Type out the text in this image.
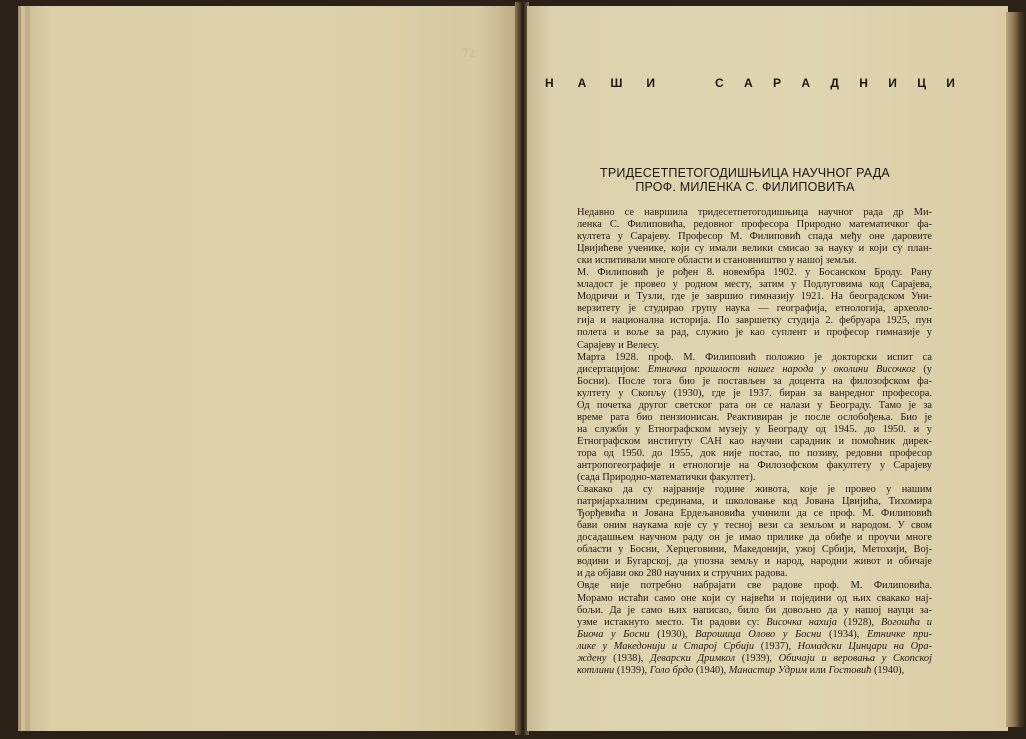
72
Н А Ш И	С А Р А Д Н И Ц И
ТРИДЕСЕТПЕТОГОДИШЊИЦА НАУЧНОГ РАДА
ПРОФ. МИЛЕНКА С. ФИЛИПОВИЋА

Недавно се навршила тридесетпетогодишњица научног рада др Ми-
ленка С. Филиповића, редовног професора Природно математичког фа-
култета у Сарајеву. Професор М. Филиповић спада међу оне даровите
Цвијићеве ученике, који су имали велики смисао за науку и који су план-
ски испитивали многе области и становништво у нашој земљи.

М. Филиповић је рођен 8. новембра 1902. у Босанском Броду. Рану
младост је провео у родном месту, затим у Подлуговима код Сарајева,
Модричи и Тузли, где је завршио гимназију 1921. На београдском Уни-
верзитету је студирао групу наука — географија, етнологија, археоло-
гија и национална историја. По завршетку студија 2. фебруара 1925, пун
полета и воље за рад, служио је као суплент и професор гимназије у
Сарајеву и Велесу.

Марта 1928. проф. М. Филиповић положио је докторски испит са
дисертацијом: Етничка прошлост нашег народа у околини Височког (у
Босни). После тога био је постављен за доцента на филозофском фа-
култету у Скопљу (1930), где је 1937. биран за ванредног професора.
Од почетка другог светског рата он се налази у Београду. Тамо је за
време рата био пензионисан. Реактивиран је после ослобођења. Био је
на служби у Етнографском музеју у Београду од 1945. до 1950. и у
Етнографском институту САН као научни сарадник и помоћник дирек-
тора од 1950. до 1955, док није постао, по позиву, редовни професор
антропогеографије и етнологије на Филозофском факултету у Сарајеву
(сада Природно-математички факултет).

Свакако да су најраније године живота, које је провео у нашим
патријархалним срединама, и школовање код Јована Цвијића, Тихомира
Ђорђевића и Јована Ердељановића учинили да се проф. М. Филиповић
бави оним наукама које су у тесној вези са земљом и народом. У свом
досадашњем научном раду он је имао прилике да обиђе и проучи многе
области у Босни, Херцеговини, Македонији, ужој Србији, Метохији, Вој-
водини и Бугарској, да упозна земљу и народ, народни живот и обичаје
и да објави око 280 научних и стручних радова.

Овде није потребно набрајати све радове проф. М. Филиповића.
Морамо истаћи само оне који су највећи и поједини од њих свакако нај-
бољи. Да је само њих написао, било би довољно да у нашој науци за-
узме истакнуто место. Ти радови су: Височка нахија (1928), Вогошћа и
Биоча у Босни (1930), Варошица Олово у Босни (1934), Етничке при-
лике у Македонији и Старој Србији (1937), Номадски Цинцари на Ора-
жденy (1938), Деварски Дримкол (1939), Обичаји и веровања у Скопској
котлини (1939), Голо брдо (1940), Манастир Удрим или Гостовић (1940),
